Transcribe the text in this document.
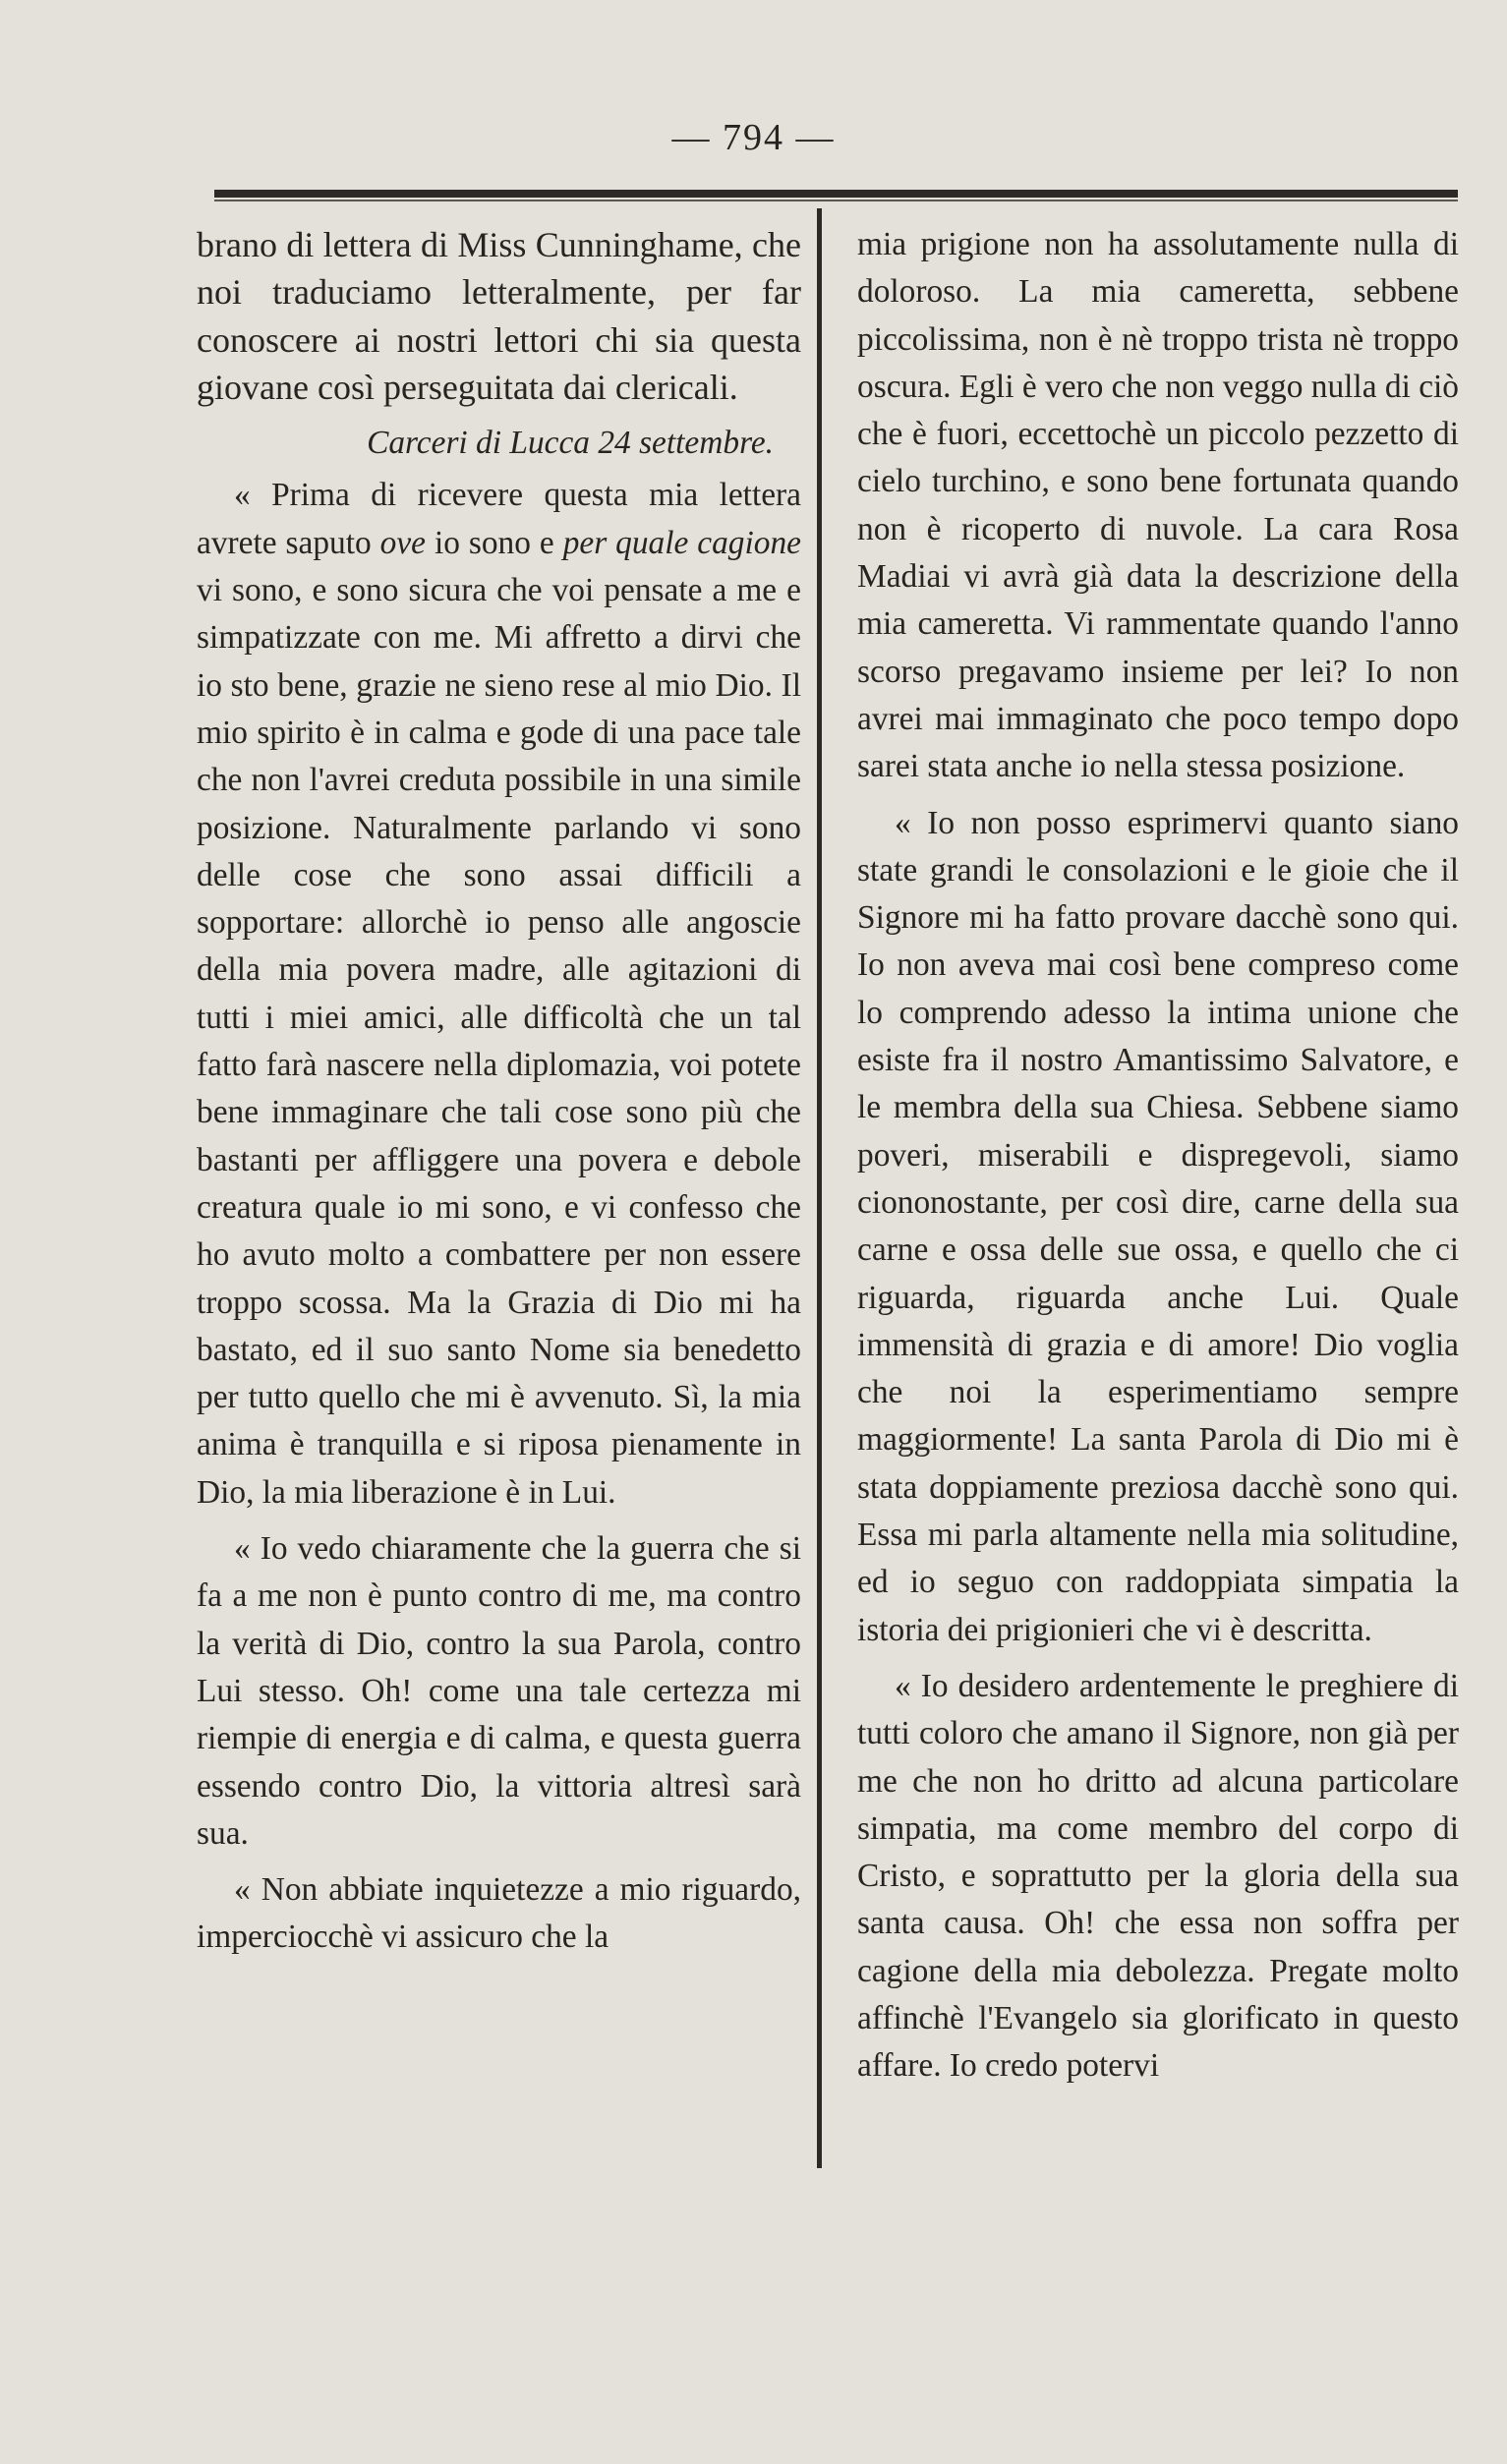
— 794 —

brano di lettera di Miss Cunninghame, che noi traduciamo letteralmente, per far conoscere ai nostri lettori chi sia questa giovane così perseguitata dai clericali.

Carceri di Lucca 24 settembre.

« Prima di ricevere questa mia lettera avrete saputo ove io sono e per quale cagione vi sono, e sono sicura che voi pensate a me e simpatizzate con me. Mi affretto a dirvi che io sto bene, grazie ne sieno rese al mio Dio. Il mio spirito è in calma e gode di una pace tale che non l'avrei creduta possibile in una simile posizione. Naturalmente parlando vi sono delle cose che sono assai difficili a sopportare: allorchè io penso alle angoscie della mia povera madre, alle agitazioni di tutti i miei amici, alle difficoltà che un tal fatto farà nascere nella diplomazia, voi potete bene immaginare che tali cose sono più che bastanti per affliggere una povera e debole creatura quale io mi sono, e vi confesso che ho avuto molto a combattere per non essere troppo scossa. Ma la Grazia di Dio mi ha bastato, ed il suo santo Nome sia benedetto per tutto quello che mi è avvenuto. Sì, la mia anima è tranquilla e si riposa pienamente in Dio, la mia liberazione è in Lui.

« Io vedo chiaramente che la guerra che si fa a me non è punto contro di me, ma contro la verità di Dio, contro la sua Parola, contro Lui stesso. Oh! come una tale certezza mi riempie di energia e di calma, e questa guerra essendo contro Dio, la vittoria altresì sarà sua.

« Non abbiate inquietezze a mio riguardo, imperciocchè vi assicuro che la

mia prigione non ha assolutamente nulla di doloroso. La mia cameretta, sebbene piccolissima, non è nè troppo trista nè troppo oscura. Egli è vero che non veggo nulla di ciò che è fuori, eccettochè un piccolo pezzetto di cielo turchino, e sono bene fortunata quando non è ricoperto di nuvole. La cara Rosa Madiai vi avrà già data la descrizione della mia cameretta. Vi rammentate quando l'anno scorso pregavamo insieme per lei? Io non avrei mai immaginato che poco tempo dopo sarei stata anche io nella stessa posizione.

« Io non posso esprimervi quanto siano state grandi le consolazioni e le gioie che il Signore mi ha fatto provare dacchè sono qui. Io non aveva mai così bene compreso come lo comprendo adesso la intima unione che esiste fra il nostro Amantissimo Salvatore, e le membra della sua Chiesa. Sebbene siamo poveri, miserabili e dispregevoli, siamo ciononostante, per così dire, carne della sua carne e ossa delle sue ossa, e quello che ci riguarda, riguarda anche Lui. Quale immensità di grazia e di amore! Dio voglia che noi la esperimentiamo sempre maggiormente! La santa Parola di Dio mi è stata doppiamente preziosa dacchè sono qui. Essa mi parla altamente nella mia solitudine, ed io seguo con raddoppiata simpatia la istoria dei prigionieri che vi è descritta.

« Io desidero ardentemente le preghiere di tutti coloro che amano il Signore, non già per me che non ho dritto ad alcuna particolare simpatia, ma come membro del corpo di Cristo, e soprattutto per la gloria della sua santa causa. Oh! che essa non soffra per cagione della mia debolezza. Pregate molto affinchè l'Evangelo sia glorificato in questo affare. Io credo potervi
